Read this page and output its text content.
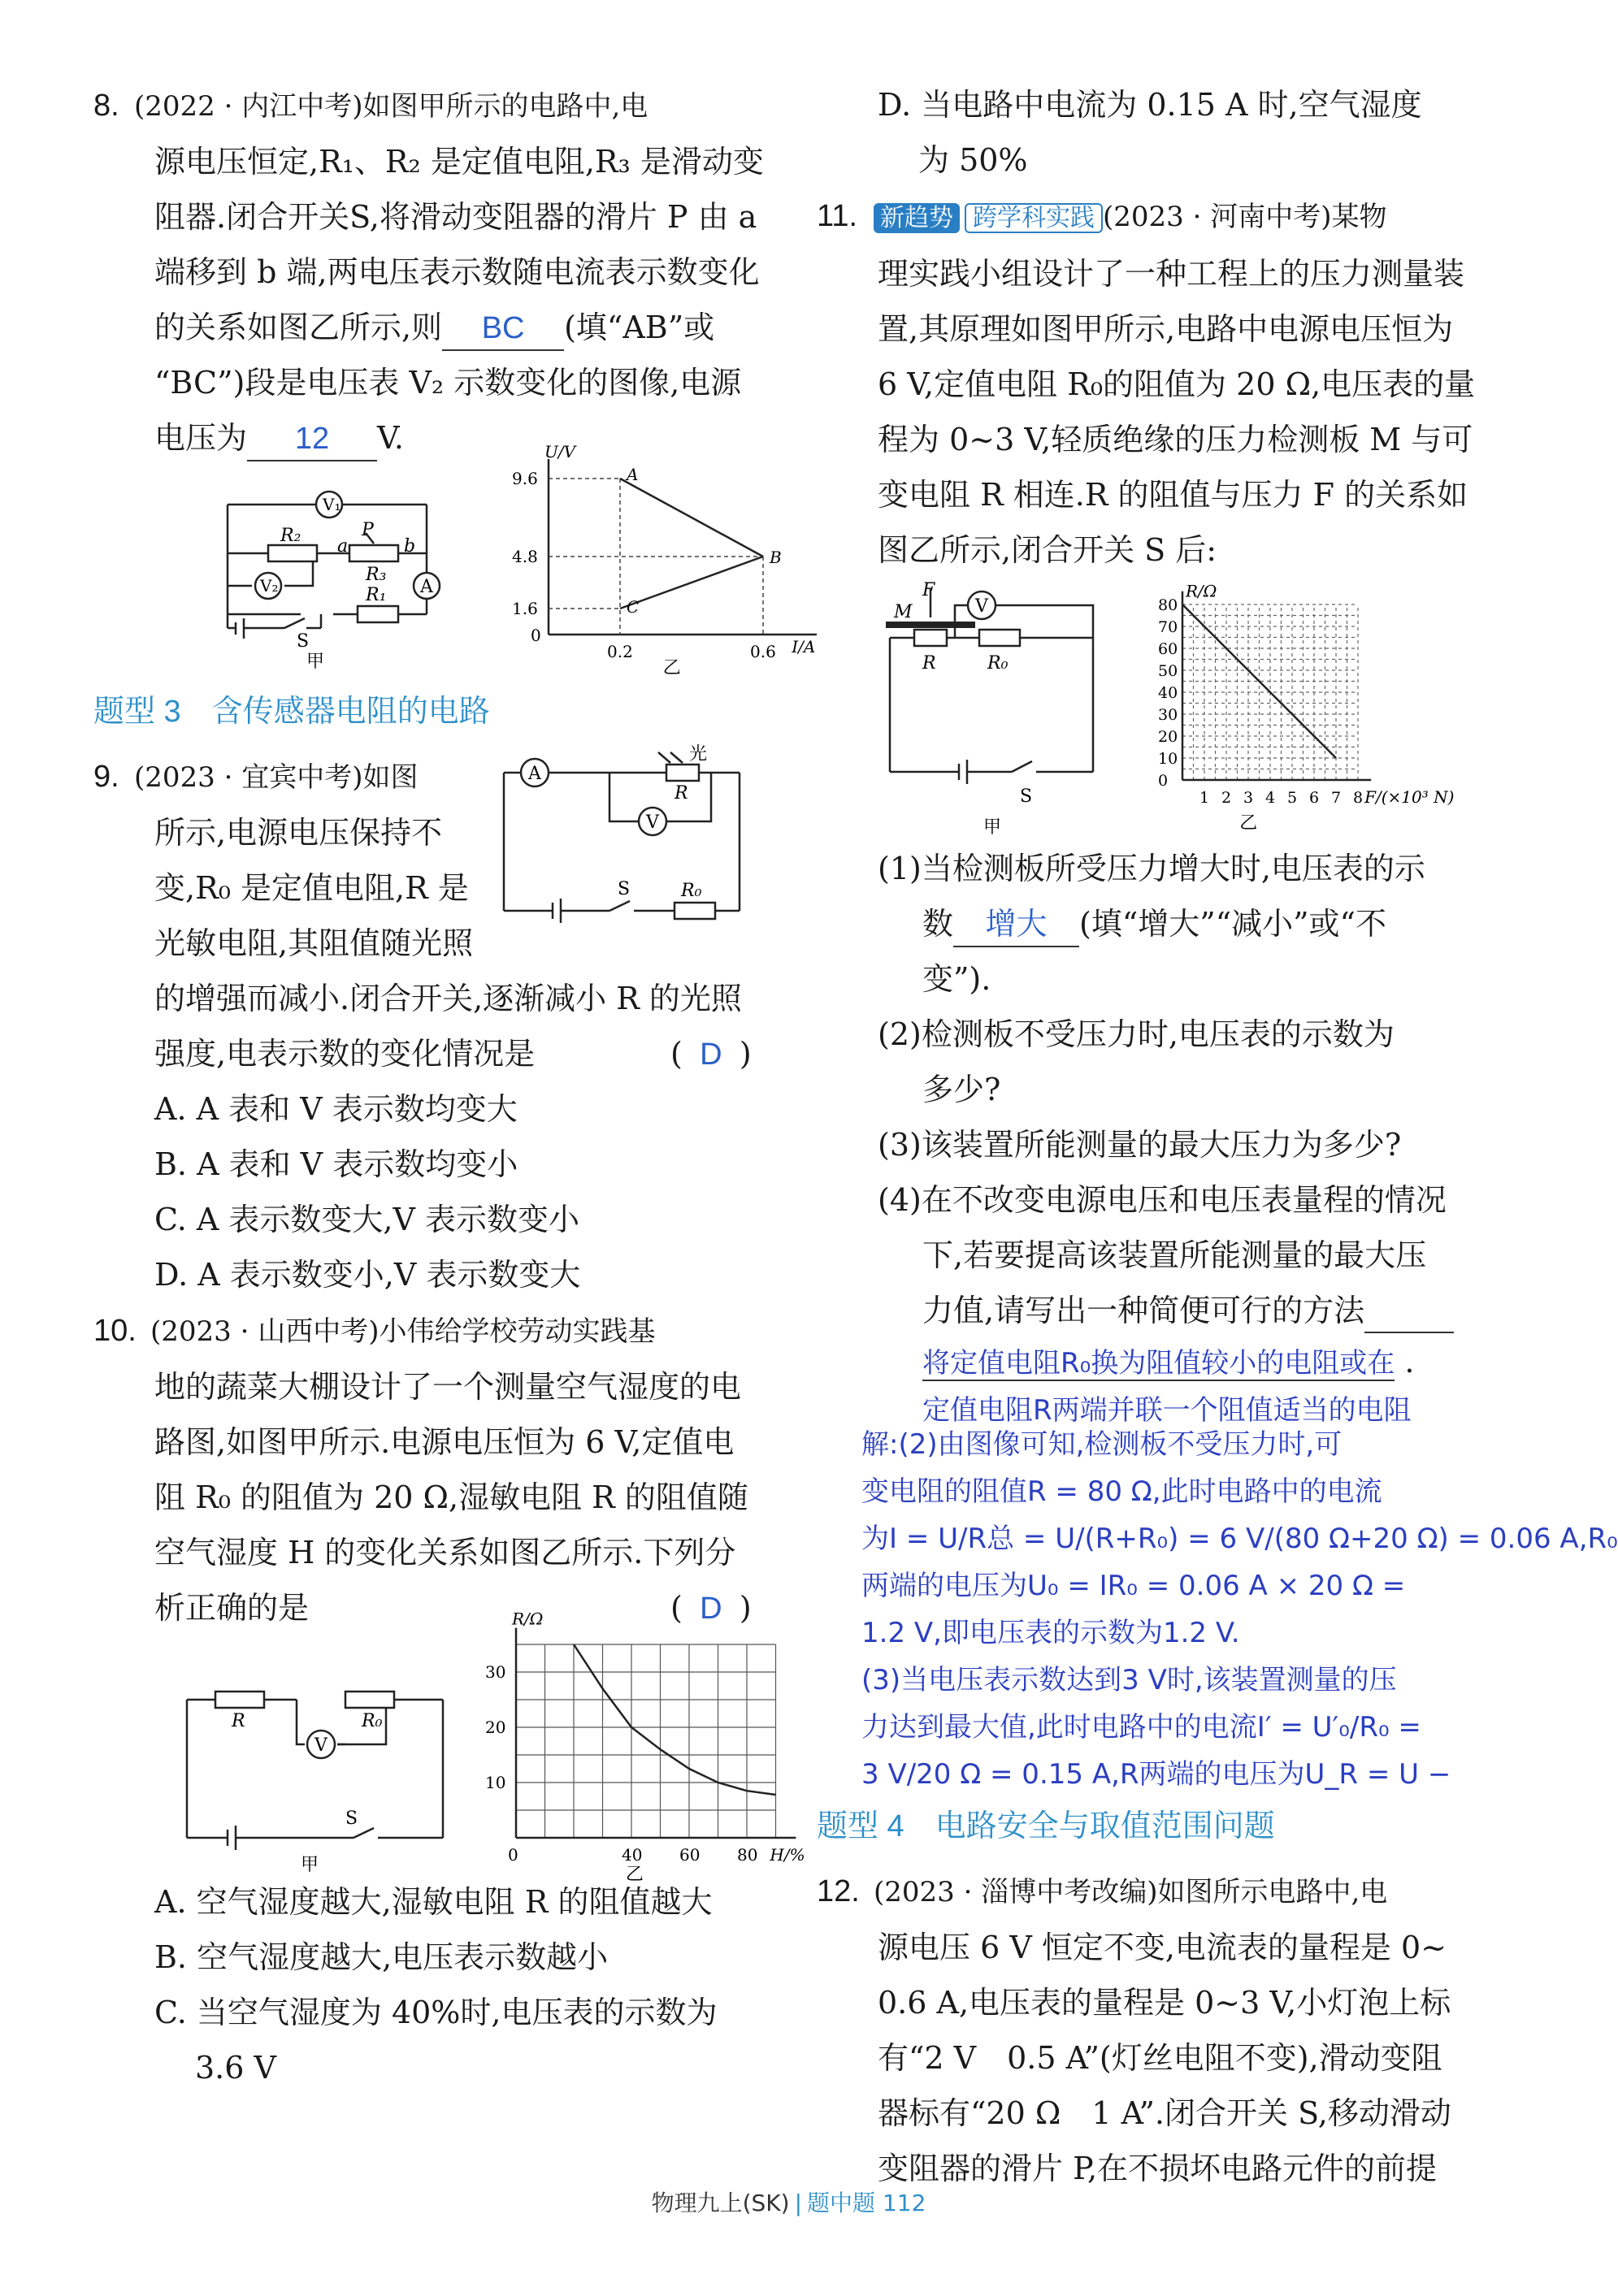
8. (2022 · 内江中考)如图甲所示的电路中,电
源电压恒定,R₁、R₂ 是定值电阻,R₃ 是滑动变
阻器.闭合开关S,将滑动变阻器的滑片 P 由 a
端移到 b 端,两电压表示数随电流表示数变化
的关系如图乙所示,则 BC (填“AB”或
“BC”)段是电压表 V₂ 示数变化的图像,电源
电压为 12 V.
V₁
V₂	A
R₂	P
a	b
R₃
R₁
S
甲
U/V
I/A
9.6
4.8
1.6
0
0.2	0.6
A
B
C
乙
题型 3　含传感器电阻的电路
9. (2023 · 宜宾中考)如图
所示,电源电压保持不
变,R₀ 是定值电阻,R 是
光敏电阻,其阻值随光照
A
V
光
R
S	R₀
的增强而减小.闭合开关,逐渐减小 R 的光照
强度,电表示数的变化情况是	( D )
A. A 表和 V 表示数均变大
B. A 表和 V 表示数均变小
C. A 表示数变大,V 表示数变小
D. A 表示数变小,V 表示数变大
10. (2023 · 山西中考)小伟给学校劳动实践基
地的蔬菜大棚设计了一个测量空气湿度的电
路图,如图甲所示.电源电压恒为 6 V,定值电
阻 R₀ 的阻值为 20 Ω,湿敏电阻 R 的阻值随
空气湿度 H 的变化关系如图乙所示.下列分
析正确的是	( D )
V
R	R₀
S
甲
R/Ω
H/%
30
20
10
0	40 60 80
乙
A. 空气湿度越大,湿敏电阻 R 的阻值越大
B. 空气湿度越大,电压表示数越小
C. 当空气湿度为 40%时,电压表的示数为
3.6 V
D. 当电路中电流为 0.15 A 时,空气湿度
为 50%
11. 新趋势 跨学科实践 (2023 · 河南中考)某物
理实践小组设计了一种工程上的压力测量装
置,其原理如图甲所示,电路中电源电压恒为
6 V,定值电阻 R₀的阻值为 20 Ω,电压表的量
程为 0~3 V,轻质绝缘的压力检测板 M 与可
变电阻 R 相连.R 的阻值与压力 F 的关系如
图乙所示,闭合开关 S 后:
V
F
M
R	R₀
S
甲
R/Ω
F/(×10³ N)
80
70
60
50
40
30
20
10
0
1 2 3 4 5 6 7 8
乙
(1)当检测板所受压力增大时,电压表的示
数 增大 (填“增大”“减小”或“不
变”).
(2)检测板不受压力时,电压表的示数为
多少?
(3)该装置所能测量的最大压力为多少?
(4)在不改变电源电压和电压表量程的情况
下,若要提高该装置所能测量的最大压
力值,请写出一种简便可行的方法
将定值电阻R₀换为阻值较小的电阻或在 .
定值电阻R两端并联一个阻值适当的电阻
解:(2)由图像可知,检测板不受压力时,可
变电阻的阻值R = 80 Ω,此时电路中的电流
为I = U/R总 = U/(R+R₀) = 6 V/(80 Ω+20 Ω) = 0.06 A,R₀
两端的电压为U₀ = IR₀ = 0.06 A × 20 Ω =
1.2 V,即电压表的示数为1.2 V.
(3)当电压表示数达到3 V时,该装置测量的压
力达到最大值,此时电路中的电流I′ = U′₀/R₀ =
3 V/20 Ω = 0.15 A,R两端的电压为U_R = U −
题型 4　电路安全与取值范围问题
12. (2023 · 淄博中考改编)如图所示电路中,电
源电压 6 V 恒定不变,电流表的量程是 0~
0.6 A,电压表的量程是 0~3 V,小灯泡上标
有“2 V　0.5 A”(灯丝电阻不变),滑动变阻
器标有“20 Ω　1 A”.闭合开关 S,移动滑动
变阻器的滑片 P,在不损坏电路元件的前提
物理九上(SK) | 题中题 112
